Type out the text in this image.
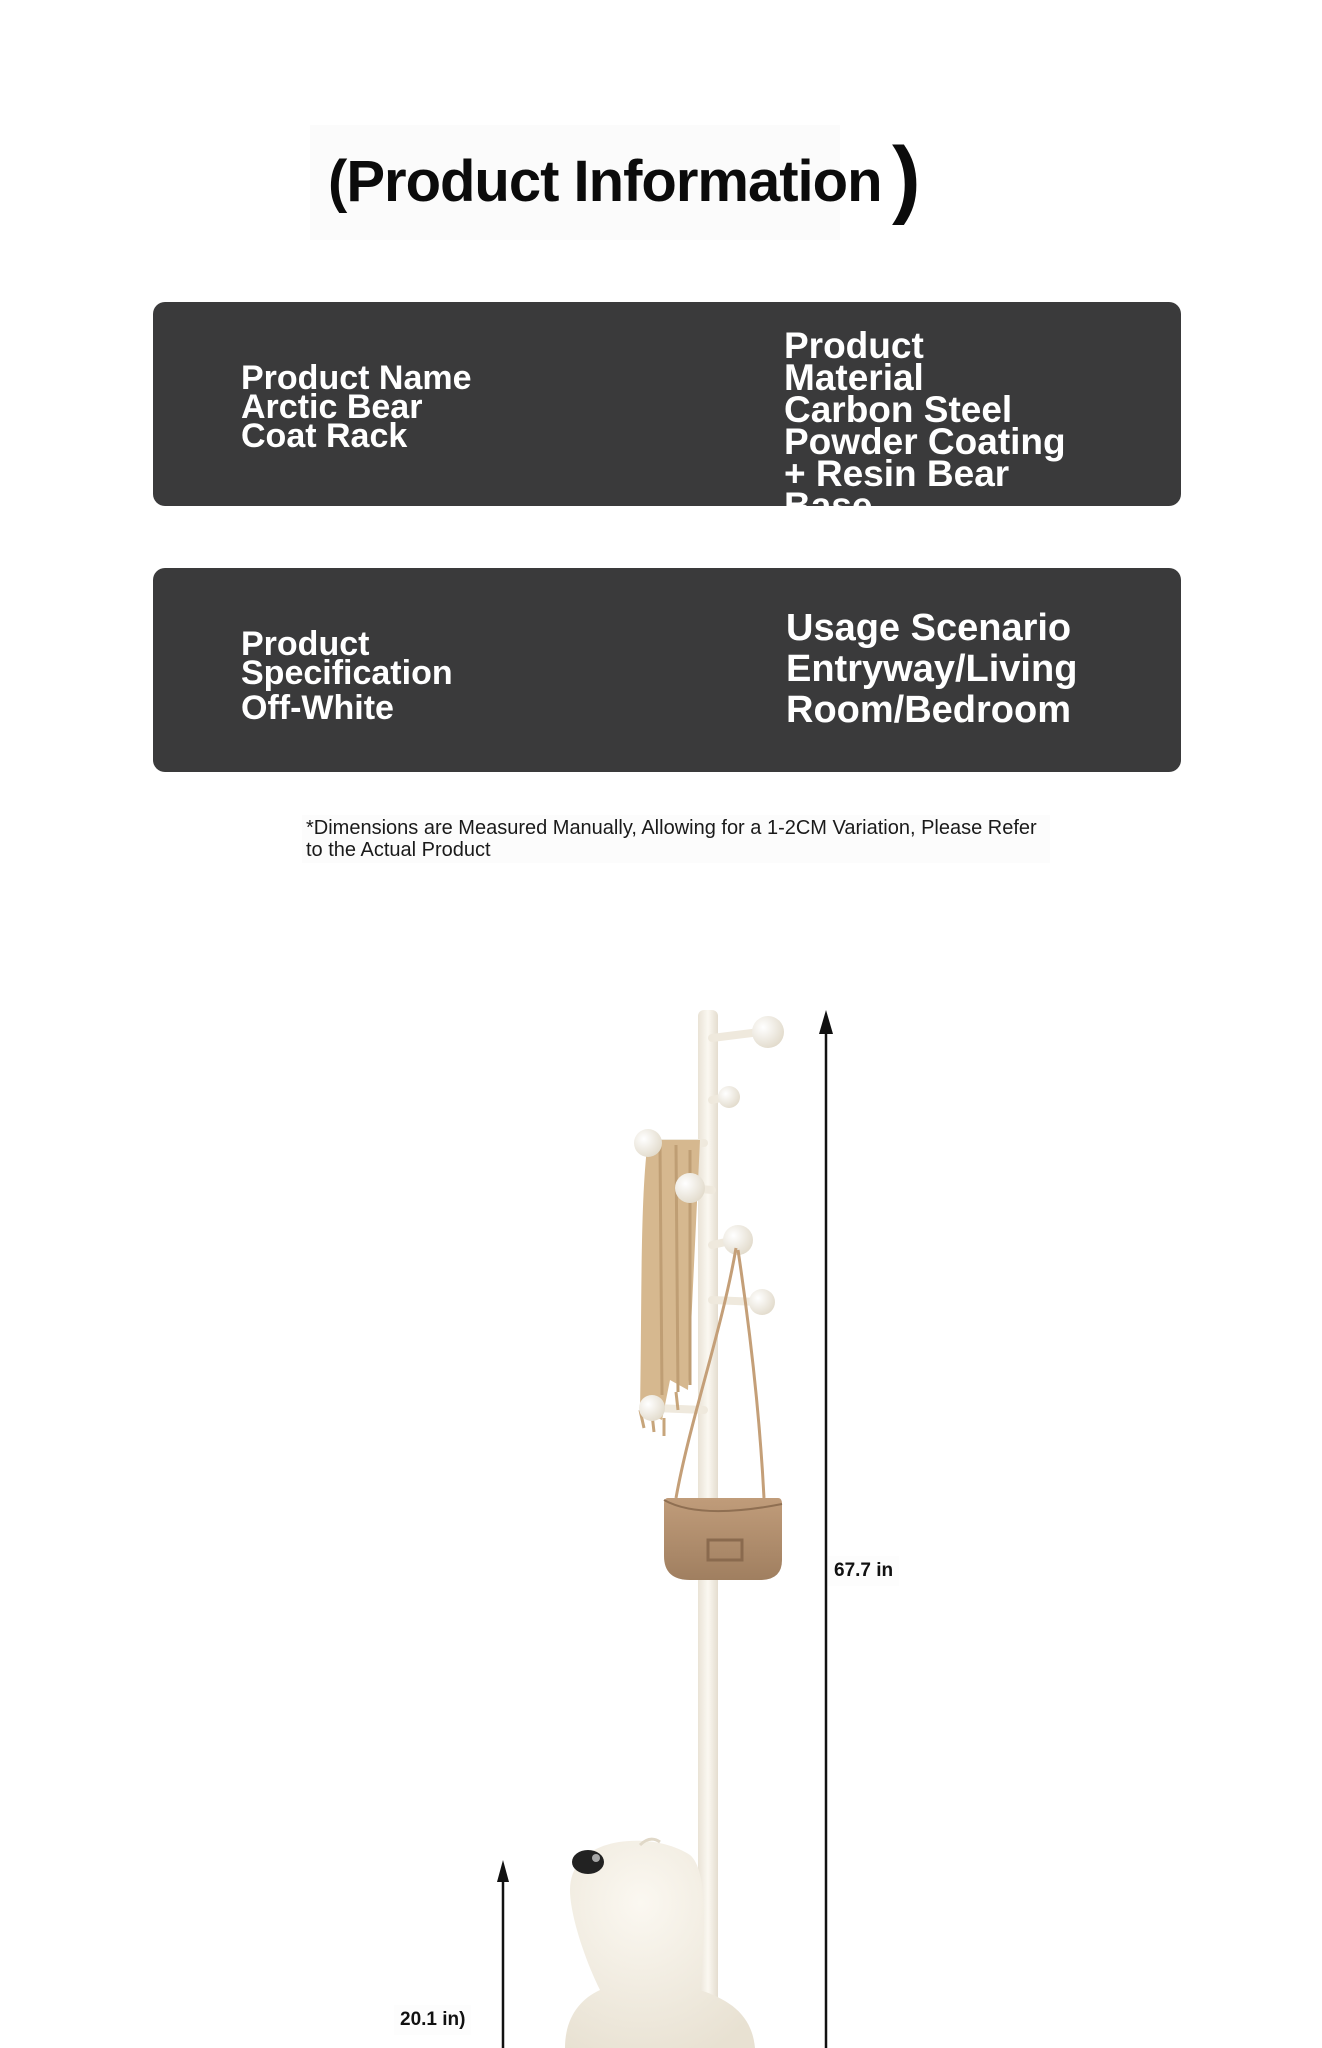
(Product Information )
Product Name
Arctic Bear Coat Rack
Product Material
Carbon Steel Powder Coating + Resin Bear Base
Product Specification
Off-White
Usage Scenario
Entryway/Living Room/Bedroom
*Dimensions are Measured Manually, Allowing for a 1-2CM Variation, Please Refer to the Actual Product
67.7 in
20.1 in)
